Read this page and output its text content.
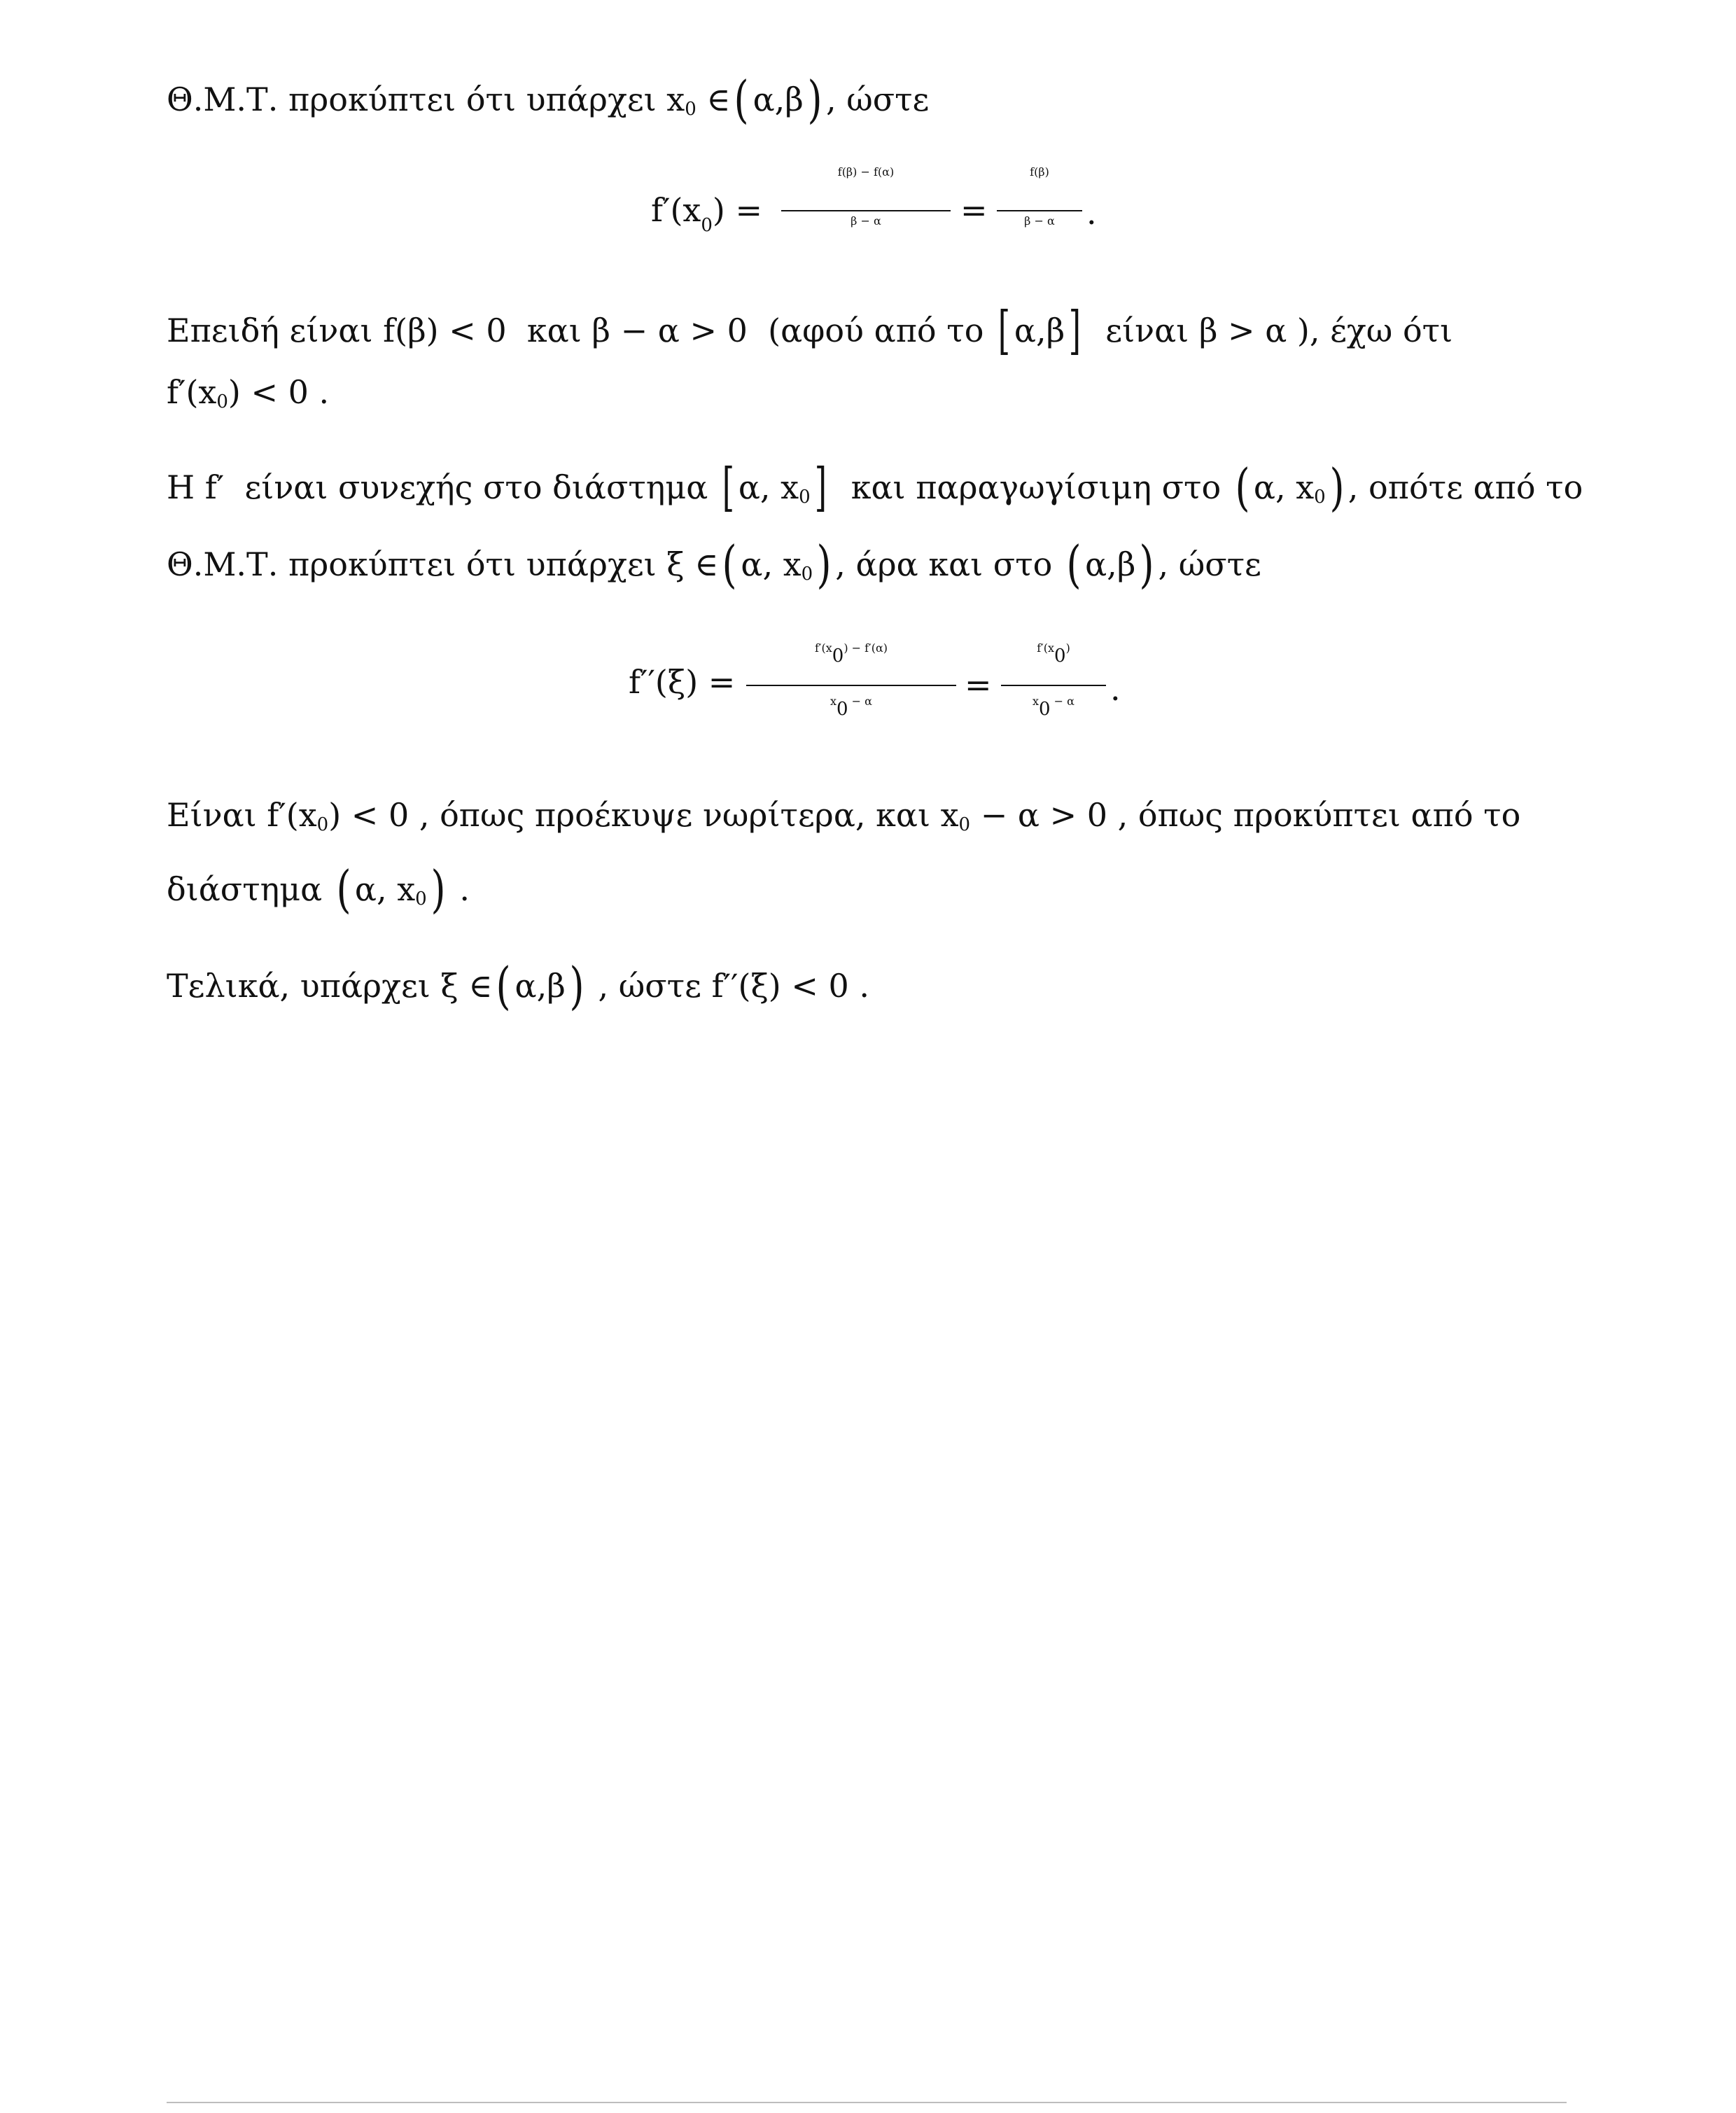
Θ.Μ.Τ. προκύπτει ότι υπάρχει x 0 ∈ ( α,β ) , ώστε
$f'(x_0)$ =
f(β) − f(α)
β − α	=
f(β)
β − α .
Επειδή είναι f(β) < 0  και β − α > 0  (αφού από το [ α,β ] είναι β > α ), έχω ότι
f′(x 0 ) < 0 .
Η f′  είναι συνεχής στο διάστημα [ α, x 0 ] και παραγωγίσιμη στο ( α, x 0 ) , οπότε από το
Θ.Μ.Τ. προκύπτει ότι υπάρχει ξ ∈ ( α, x 0 ) , άρα και στο ( α,β ) , ώστε
f′′(ξ) =
f′(x0) − f′(α)
x0 − α	=
f′(x0)
x0 − α	.
Είναι f′(x 0 ) < 0 , όπως προέκυψε νωρίτερα, και x 0 − α > 0 , όπως προκύπτει από το
διάστημα ( α, x 0 ) .
Τελικά, υπάρχει ξ ∈ ( α,β ) , ώστε f′′(ξ) < 0 .
